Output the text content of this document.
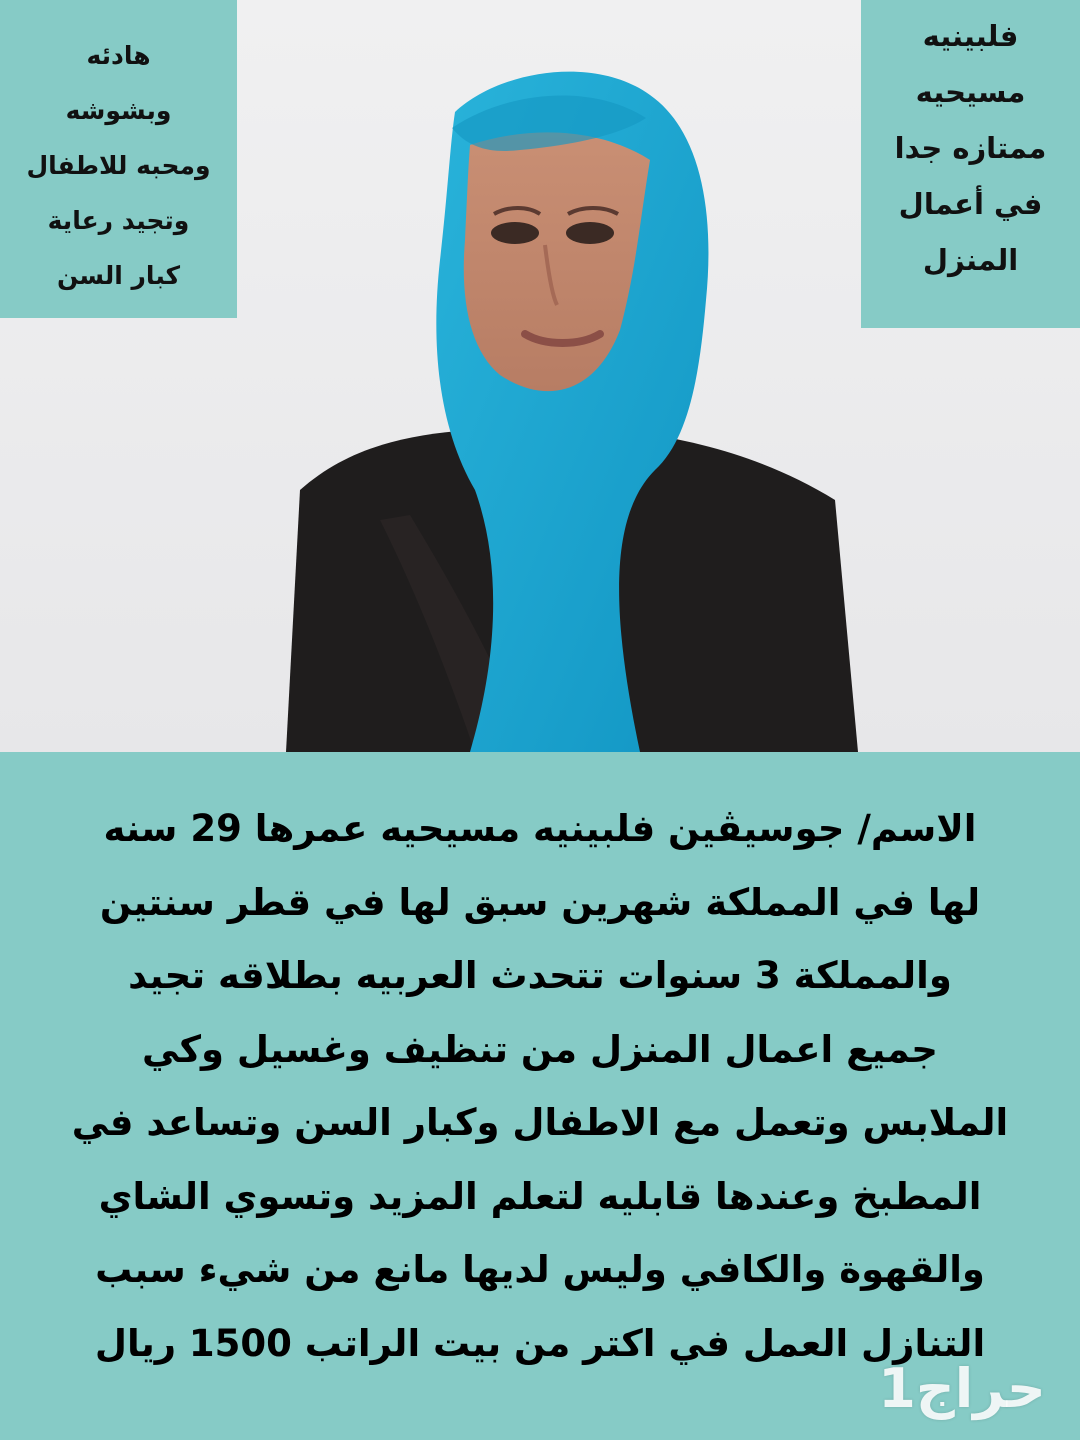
هادئه
وبشوشه
ومحبه للاطفال
وتجيد رعاية
كبار السن
فلبينيه
مسيحيه
ممتازه جدا
في أعمال
المنزل
الاسم/ جوسيڤين فلبينيه مسيحيه عمرها 29 سنه
لها في المملكة شهرين سبق لها في قطر سنتين
والمملكة 3 سنوات تتحدث العربيه بطلاقه تجيد
جميع اعمال المنزل من تنظيف وغسيل وكي
الملابس وتعمل مع الاطفال وكبار السن وتساعد في
المطبخ وعندها قابليه لتعلم المزيد وتسوي الشاي
والقهوة والكافي وليس لديها مانع من شيء سبب
التنازل العمل في اكتر من بيت الراتب 1500 ريال
حراج1
